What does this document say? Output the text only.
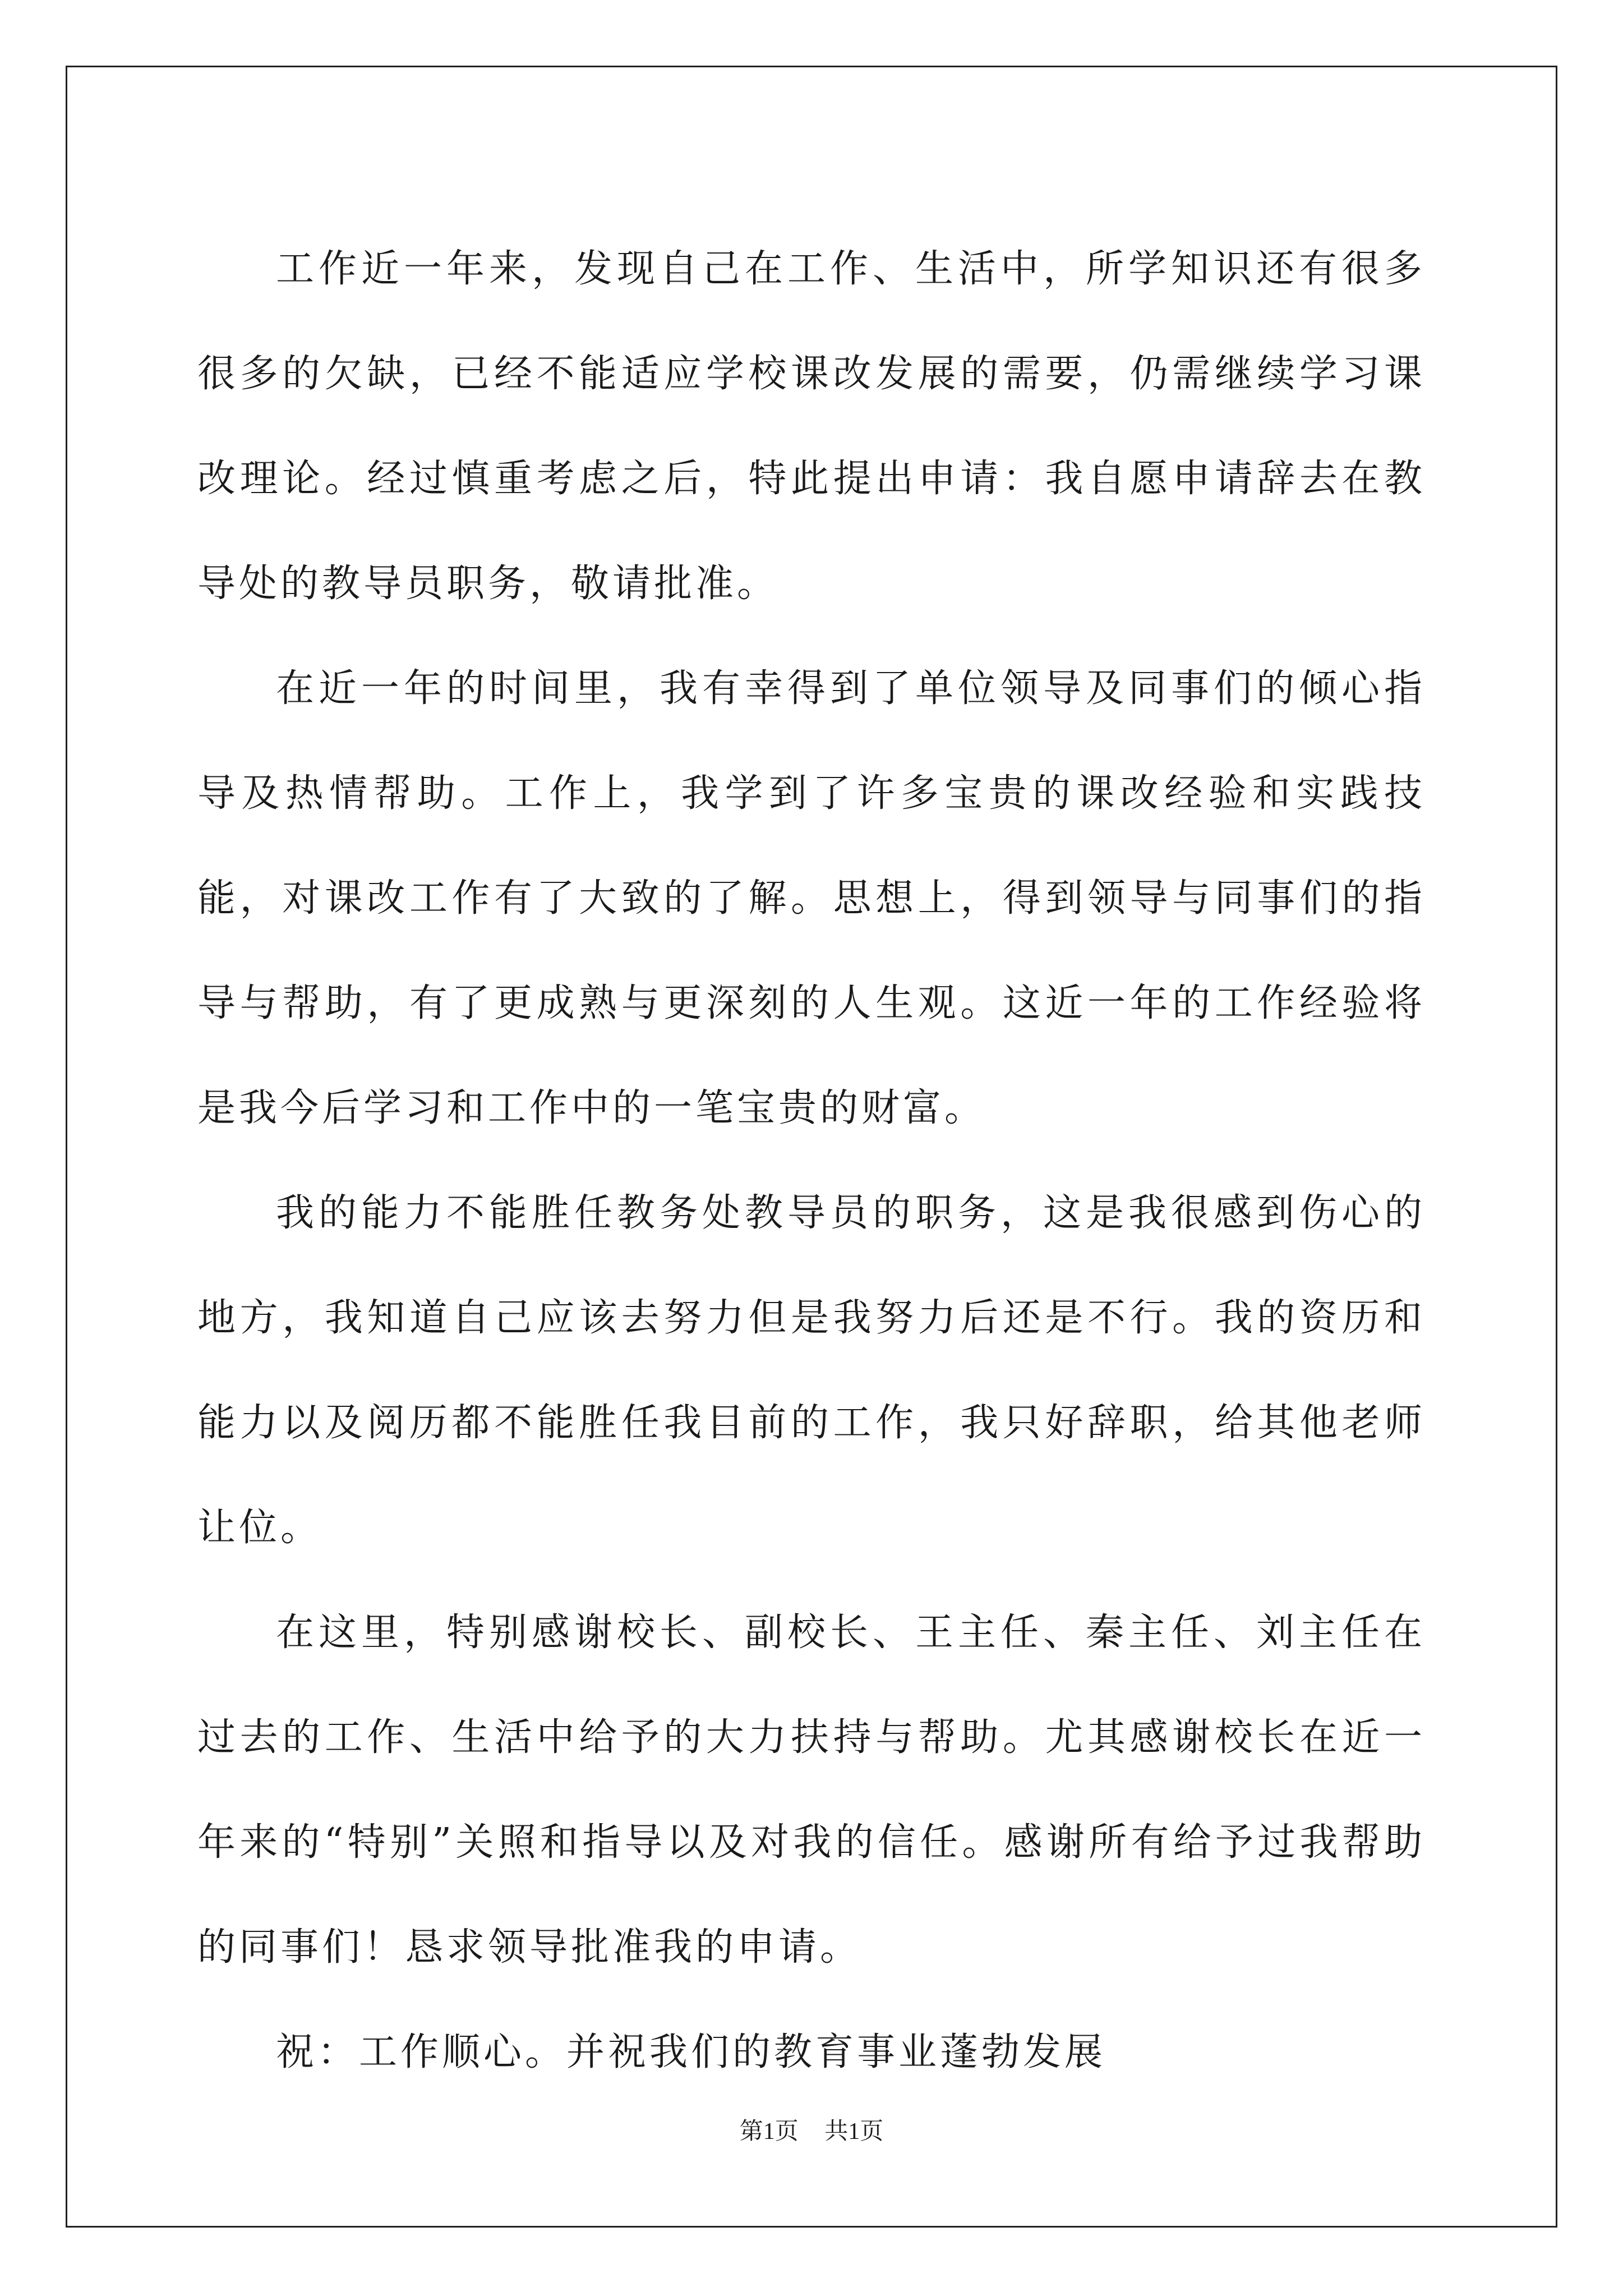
工作近一年来，发现自己在工作、生活中，所学知识还有很多很多的欠缺，已经不能适应学校课改发展的需要，仍需继续学习课改理论。经过慎重考虑之后，特此提出申请：我自愿申请辞去在教导处的教导员职务，敬请批准。

在近一年的时间里，我有幸得到了单位领导及同事们的倾心指导及热情帮助。工作上，我学到了许多宝贵的课改经验和实践技能，对课改工作有了大致的了解。思想上，得到领导与同事们的指导与帮助，有了更成熟与更深刻的人生观。这近一年的工作经验将是我今后学习和工作中的一笔宝贵的财富。

我的能力不能胜任教务处教导员的职务，这是我很感到伤心的地方，我知道自己应该去努力但是我努力后还是不行。我的资历和能力以及阅历都不能胜任我目前的工作，我只好辞职，给其他老师让位。

在这里，特别感谢校长、副校长、王主任、秦主任、刘主任在过去的工作、生活中给予的大力扶持与帮助。尤其感谢校长在近一年来的“特别”关照和指导以及对我的信任。感谢所有给予过我帮助的同事们！恳求领导批准我的申请。

祝：工作顺心。并祝我们的教育事业蓬勃发展

第1页 共1页
